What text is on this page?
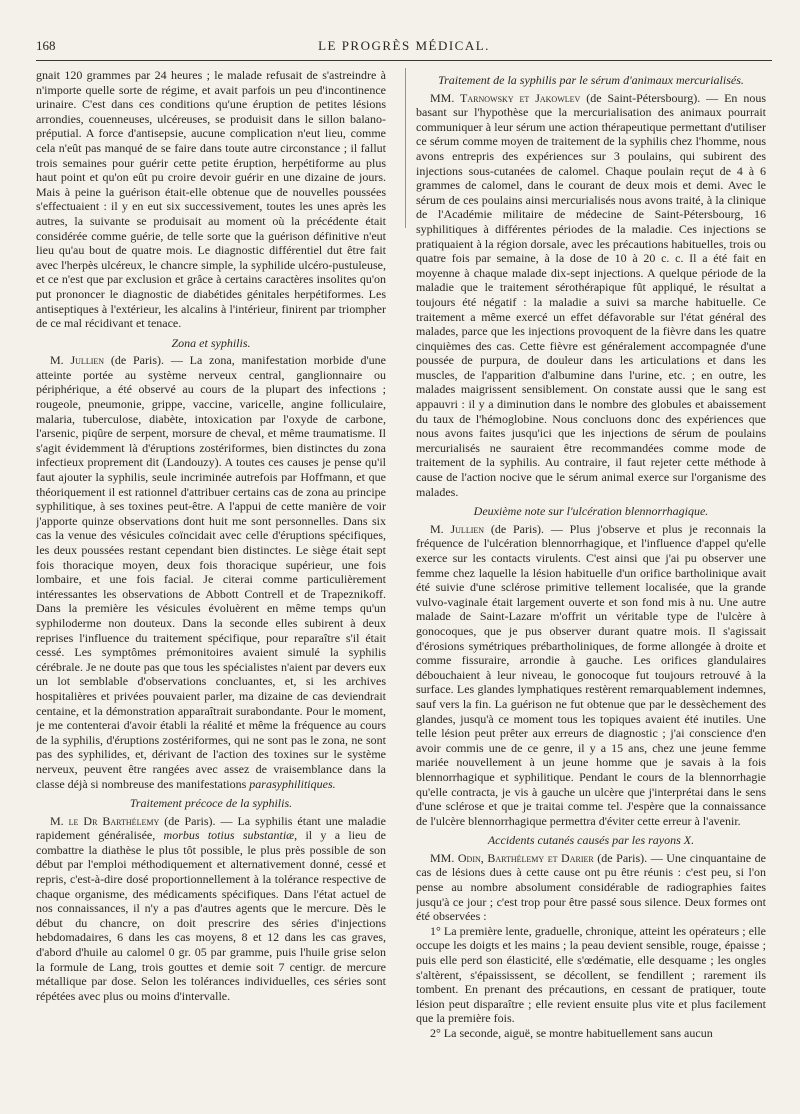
168	LE PROGRÈS MÉDICAL.

gnait 120 grammes par 24 heures ; le malade refusait de s'astreindre à n'importe quelle sorte de régime, et avait parfois un peu d'incontinence urinaire. C'est dans ces conditions qu'une éruption de petites lésions arrondies, couenneuses, ulcéreuses, se produisit dans le sillon balano-préputial. A force d'antisepsie, aucune complication n'eut lieu, comme cela n'eût pas manqué de se faire dans toute autre circonstance ; il fallut trois semaines pour guérir cette petite éruption, herpétiforme au plus haut point et qu'on eût pu croire devoir guérir en une dizaine de jours. Mais à peine la guérison était-elle obtenue que de nouvelles poussées s'effectuaient : il y en eut six successivement, toutes les unes après les autres, la suivante se produisait au moment où la précédente était considérée comme guérie, de telle sorte que la guérison définitive n'eut lieu qu'au bout de quatre mois. Le diagnostic différentiel dut être fait avec l'herpès ulcéreux, le chancre simple, la syphilide ulcéro-pustuleuse, et ce n'est que par exclusion et grâce à certains caractères insolites qu'on put prononcer le diagnostic de diabétides génitales herpétiformes. Les antiseptiques à l'extérieur, les alcalins à l'intérieur, finirent par triompher de ce mal récidivant et tenace.

Zona et syphilis.

M. Jullien (de Paris). — La zona, manifestation morbide d'une atteinte portée au système nerveux central, ganglionnaire ou périphérique, a été observé au cours de la plupart des infections ; rougeole, pneumonie, grippe, vaccine, varicelle, angine folliculaire, malaria, tuberculose, diabète, intoxication par l'oxyde de carbone, l'arsenic, piqûre de serpent, morsure de cheval, et même traumatisme. Il s'agit évidemment là d'éruptions zostériformes, bien distinctes du zona infectieux proprement dit (Landouzy). A toutes ces causes je pense qu'il faut ajouter la syphilis, seule incriminée autrefois par Hoffmann, et que théoriquement il est rationnel d'attribuer certains cas de zona au principe syphilitique, à ses toxines peut-être. A l'appui de cette manière de voir j'apporte quinze observations dont huit me sont personnelles. Dans six cas la venue des vésicules coïncidait avec celle d'éruptions spécifiques, les deux poussées restant cependant bien distinctes. Le siège était sept fois thoracique moyen, deux fois thoracique supérieur, une fois lombaire, et une fois facial. Je citerai comme particulièrement intéressantes les observations de Abbott Contrell et de Trapeznikoff. Dans la première les vésicules évoluèrent en même temps qu'un syphiloderme non douteux. Dans la seconde elles subirent à deux reprises l'influence du traitement spécifique, pour reparaître s'il était cessé. Les symptômes prémonitoires avaient simulé la syphilis cérébrale. Je ne doute pas que tous les spécialistes n'aient par devers eux un lot semblable d'observations concluantes, et, si les archives hospitalières et privées pouvaient parler, ma dizaine de cas deviendrait centaine, et la démonstration apparaîtrait surabondante. Pour le moment, je me contenterai d'avoir établi la réalité et même la fréquence au cours de la syphilis, d'éruptions zostériformes, qui ne sont pas le zona, ne sont pas des syphilides, et, dérivant de l'action des toxines sur le système nerveux, peuvent être rangées avec assez de vraisemblance dans la classe déjà si nombreuse des manifestations parasyphilitiques.

Traitement précoce de la syphilis.

M. le Dr Barthélemy (de Paris). — La syphilis étant une maladie rapidement généralisée, morbus totius substantiæ, il y a lieu de combattre la diathèse le plus tôt possible, le plus près possible de son début par l'emploi méthodiquement et alternativement donné, cessé et repris, c'est-à-dire dosé proportionnellement à la tolérance respective de chaque organisme, des médicaments spécifiques. Dans l'état actuel de nos connaissances, il n'y a pas d'autres agents que le mercure. Dès le début du chancre, on doit prescrire des séries d'injections hebdomadaires, 6 dans les cas moyens, 8 et 12 dans les cas graves, d'abord d'huile au calomel 0 gr. 05 par gramme, puis l'huile grise selon la formule de Lang, trois gouttes et demie soit 7 centigr. de mercure métallique par dose. Selon les tolérances individuelles, ces séries sont répétées avec plus ou moins d'intervalle.

Traitement de la syphilis par le sérum d'animaux mercurialisés.

MM. Tarnowsky et Jakowlev (de Saint-Pétersbourg). — En nous basant sur l'hypothèse que la mercurialisation des animaux pourrait communiquer à leur sérum une action thérapeutique permettant d'utiliser ce sérum comme moyen de traitement de la syphilis chez l'homme, nous avons entrepris des expériences sur 3 poulains, qui subirent des injections sous-cutanées de calomel. Chaque poulain reçut de 4 à 6 grammes de calomel, dans le courant de deux mois et demi. Avec le sérum de ces poulains ainsi mercurialisés nous avons traité, à la clinique de l'Académie militaire de médecine de Saint-Pétersbourg, 16 syphilitiques à différentes périodes de la maladie. Ces injections se pratiquaient à la région dorsale, avec les précautions habituelles, trois ou quatre fois par semaine, à la dose de 10 à 20 c. c. Il a été fait en moyenne à chaque malade dix-sept injections. A quelque période de la maladie que le traitement sérothérapique fût appliqué, le résultat a toujours été négatif : la maladie a suivi sa marche habituelle. Ce traitement a même exercé un effet défavorable sur l'état général des malades, parce que les injections provoquent de la fièvre dans les quatre cinquièmes des cas. Cette fièvre est généralement accompagnée d'une poussée de purpura, de douleur dans les articulations et dans les muscles, de l'apparition d'albumine dans l'urine, etc. ; en outre, les malades maigrissent sensiblement. On constate aussi que le sang est appauvri : il y a diminution dans le nombre des globules et abaissement du taux de l'hémoglobine. Nous concluons donc des expériences que nous avons faites jusqu'ici que les injections de sérum de poulains mercurialisés ne sauraient être recommandées comme mode de traitement de la syphilis. Au contraire, il faut rejeter cette méthode à cause de l'action nocive que le sérum animal exerce sur l'organisme des malades.

Deuxième note sur l'ulcération blennorrhagique.

M. Jullien (de Paris). — Plus j'observe et plus je reconnais la fréquence de l'ulcération blennorrhagique, et l'influence d'appel qu'elle exerce sur les contacts virulents. C'est ainsi que j'ai pu observer une femme chez laquelle la lésion habituelle d'un orifice bartholinique avait été suivie d'une sclérose primitive tellement localisée, que la grande vulvo-vaginale était largement ouverte et son fond mis à nu. Une autre malade de Saint-Lazare m'offrit un véritable type de l'ulcère à gonocoques, que je pus observer durant quatre mois. Il s'agissait d'érosions symétriques prébartholiniques, de forme allongée à droite et comme fissuraire, arrondie à gauche. Les orifices glandulaires débouchaient à leur niveau, le gonocoque fut toujours retrouvé à la surface. Les glandes lymphatiques restèrent remarquablement indemnes, sauf vers la fin. La guérison ne fut obtenue que par le dessèchement des glandes, jusqu'à ce moment tous les topiques avaient été inutiles. Une telle lésion peut prêter aux erreurs de diagnostic ; j'ai conscience d'en avoir commis une de ce genre, il y a 15 ans, chez une jeune femme mariée nouvellement à un jeune homme que je savais à la fois blennorrhagique et syphilitique. Pendant le cours de la blennorrhagie qu'elle contracta, je vis à gauche un ulcère que j'interprétai dans le sens d'une sclérose et que je traitai comme tel. J'espère que la connaissance de l'ulcère blennorrhagique permettra d'éviter cette erreur à l'avenir.

Accidents cutanés causés par les rayons X.

MM. Odin, Barthélemy et Darier (de Paris). — Une cinquantaine de cas de lésions dues à cette cause ont pu être réunis : c'est peu, si l'on pense au nombre absolument considérable de radiographies faites jusqu'à ce jour ; c'est trop pour être passé sous silence. Deux formes ont été observées :

1° La première lente, graduelle, chronique, atteint les opérateurs ; elle occupe les doigts et les mains ; la peau devient sensible, rouge, épaisse ; puis elle perd son élasticité, elle s'œdématie, elle desquame ; les ongles s'altèrent, s'épaississent, se décollent, se fendillent ; rarement ils tombent. En prenant des précautions, en cessant de pratiquer, toute lésion peut disparaître ; elle revient ensuite plus vite et plus facilement que la première fois.

2° La seconde, aiguë, se montre habituellement sans aucun
